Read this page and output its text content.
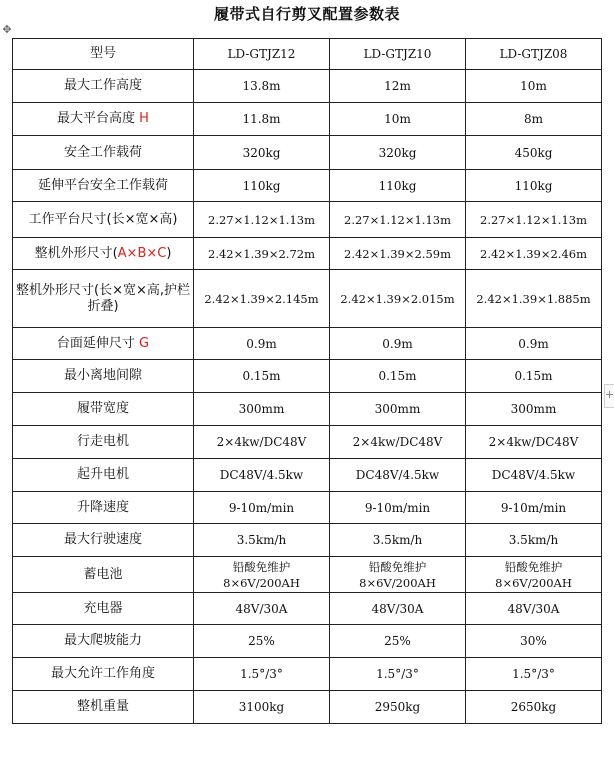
履带式自行剪叉配置参数表
✥
+
型号	LD-GTJZ12	LD-GTJZ10	LD-GTJZ08
最大工作高度	13.8m	12m	10m
最大平台高度 H	11.8m	10m	8m
安全工作载荷	320kg	320kg	450kg
延伸平台安全工作载荷	110kg	110kg	110kg
工作平台尺寸(长×宽×高)	2.27×1.12×1.13m	2.27×1.12×1.13m	2.27×1.12×1.13m
整机外形尺寸(A×B×C)	2.42×1.39×2.72m	2.42×1.39×2.59m	2.42×1.39×2.46m
整机外形尺寸(长×宽×高,护栏折叠)	2.42×1.39×2.145m	2.42×1.39×2.015m	2.42×1.39×1.885m
台面延伸尺寸 G	0.9m	0.9m	0.9m
最小离地间隙	0.15m	0.15m	0.15m
履带宽度	300mm	300mm	300mm
行走电机	2×4kw/DC48V	2×4kw/DC48V	2×4kw/DC48V
起升电机	DC48V/4.5kw	DC48V/4.5kw	DC48V/4.5kw
升降速度	9-10m/min	9-10m/min	9-10m/min
最大行驶速度	3.5km/h	3.5km/h	3.5km/h
蓄电池	铅酸免维护 8×6V/200AH	铅酸免维护 8×6V/200AH	铅酸免维护 8×6V/200AH
充电器	48V/30A	48V/30A	48V/30A
最大爬坡能力	25%	25%	30%
最大允许工作角度	1.5°/3°	1.5°/3°	1.5°/3°
整机重量	3100kg	2950kg	2650kg
